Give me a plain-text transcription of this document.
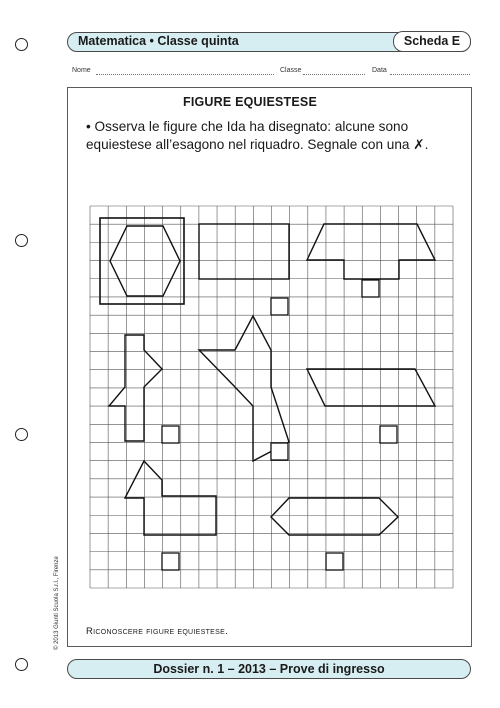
Matematica • Classe quinta	Scheda E
Nome	Classe	Data
FIGURE EQUIESTESE
• Osserva le figure che Ida ha disegnato: alcune sono equiestese all’esagono nel riquadro. Segnale con una ✗.
Riconoscere figure equiestese.
© 2013 Giunti Scuola S.r.l., Firenze
Dossier n. 1 – 2013 – Prove di ingresso
